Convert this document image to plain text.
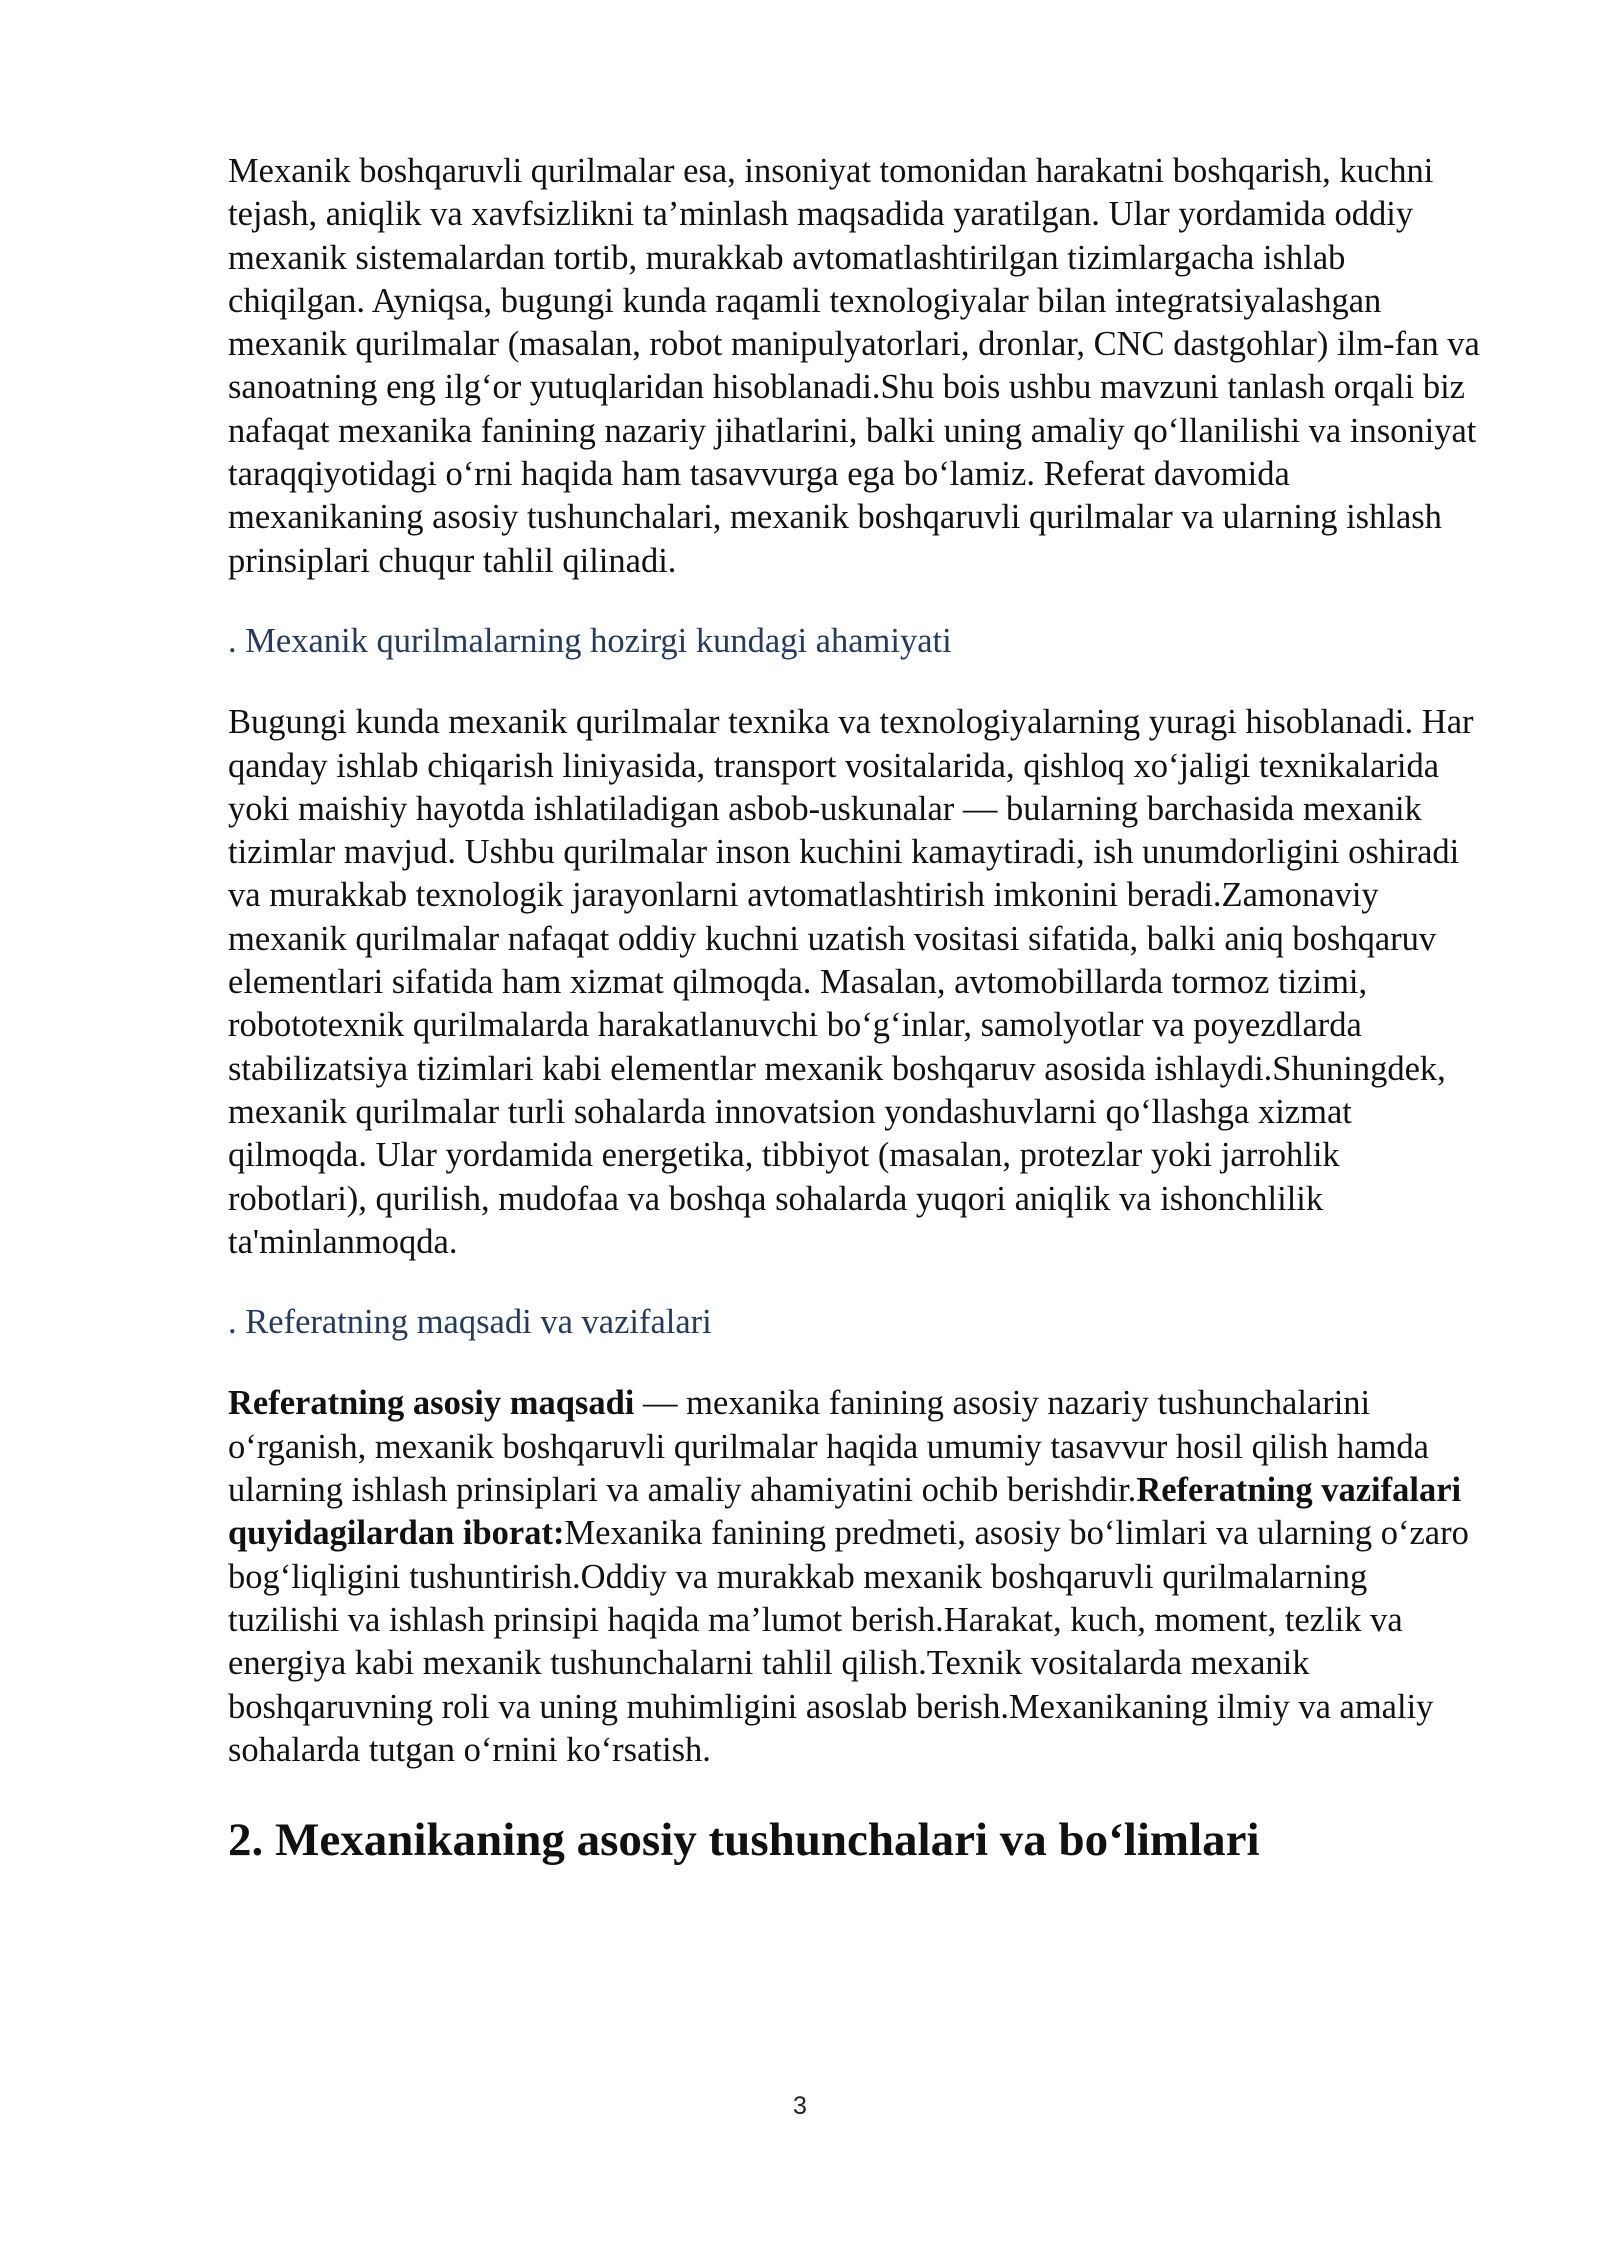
Mexanik boshqaruvli qurilmalar esa, insoniyat tomonidan harakatni boshqarish, kuchni tejash, aniqlik va xavfsizlikni ta’minlash maqsadida yaratilgan. Ular yordamida oddiy mexanik sistemalardan tortib, murakkab avtomatlashtirilgan tizimlargacha ishlab chiqilgan. Ayniqsa, bugungi kunda raqamli texnologiyalar bilan integratsiyalashgan mexanik qurilmalar (masalan, robot manipulyatorlari, dronlar, CNC dastgohlar) ilm-fan va sanoatning eng ilg‘or yutuqlaridan hisoblanadi.Shu bois ushbu mavzuni tanlash orqali biz nafaqat mexanika fanining nazariy jihatlarini, balki uning amaliy qo‘llanilishi va insoniyat taraqqiyotidagi o‘rni haqida ham tasavvurga ega bo‘lamiz. Referat davomida mexanikaning asosiy tushunchalari, mexanik boshqaruvli qurilmalar va ularning ishlash prinsiplari chuqur tahlil qilinadi.

. Mexanik qurilmalarning hozirgi kundagi ahamiyati

Bugungi kunda mexanik qurilmalar texnika va texnologiyalarning yuragi hisoblanadi. Har qanday ishlab chiqarish liniyasida, transport vositalarida, qishloq xo‘jaligi texnikalarida yoki maishiy hayotda ishlatiladigan asbob-uskunalar — bularning barchasida mexanik tizimlar mavjud. Ushbu qurilmalar inson kuchini kamaytiradi, ish unumdorligini oshiradi va murakkab texnologik jarayonlarni avtomatlashtirish imkonini beradi.Zamonaviy mexanik qurilmalar nafaqat oddiy kuchni uzatish vositasi sifatida, balki aniq boshqaruv elementlari sifatida ham xizmat qilmoqda. Masalan, avtomobillarda tormoz tizimi, robototexnik qurilmalarda harakatlanuvchi bo‘g‘inlar, samolyotlar va poyezdlarda stabilizatsiya tizimlari kabi elementlar mexanik boshqaruv asosida ishlaydi.Shuningdek, mexanik qurilmalar turli sohalarda innovatsion yondashuvlarni qo‘llashga xizmat qilmoqda. Ular yordamida energetika, tibbiyot (masalan, protezlar yoki jarrohlik robotlari), qurilish, mudofaa va boshqa sohalarda yuqori aniqlik va ishonchlilik ta'minlanmoqda.

. Referatning maqsadi va vazifalari

Referatning asosiy maqsadi — mexanika fanining asosiy nazariy tushunchalarini o‘rganish, mexanik boshqaruvli qurilmalar haqida umumiy tasavvur hosil qilish hamda ularning ishlash prinsiplari va amaliy ahamiyatini ochib berishdir.Referatning vazifalari quyidagilardan iborat:Mexanika fanining predmeti, asosiy bo‘limlari va ularning o‘zaro bog‘liqligini tushuntirish.Oddiy va murakkab mexanik boshqaruvli qurilmalarning tuzilishi va ishlash prinsipi haqida ma’lumot berish.Harakat, kuch, moment, tezlik va energiya kabi mexanik tushunchalarni tahlil qilish.Texnik vositalarda mexanik boshqaruvning roli va uning muhimligini asoslab berish.Mexanikaning ilmiy va amaliy sohalarda tutgan o‘rnini ko‘rsatish.

2. Mexanikaning asosiy tushunchalari va bo‘limlari
3
